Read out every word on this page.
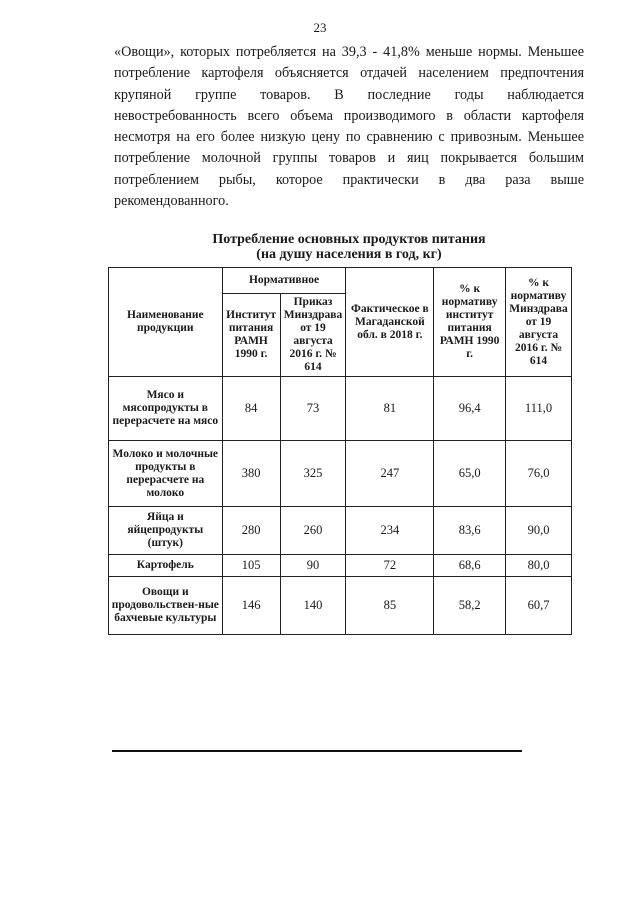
23
«Овощи», которых потребляется на 39,3 - 41,8% меньше нормы. Меньшее
потребление картофеля объясняется отдачей населением предпочтения
крупяной группе товаров. В последние годы наблюдается
невостребованность всего объема производимого в области картофеля
несмотря на его более низкую цену по сравнению с привозным. Меньшее
потребление молочной группы товаров и яиц покрывается большим
потреблением рыбы, которое практически в два раза выше
рекомендованного.
Потребление основных продуктов питания
(на душу населения в год, кг)
Наименование продукции	Нормативное		Фактическое в Магаданской обл. в 2018 г.	% к нормативу институт питания РАМН 1990 г.	% к нормативу Минздрава от 19 августа 2016 г. № 614
	Институт питания РАМН 1990 г.	Приказ Минздрава от 19 августа 2016 г. № 614			
Мясо и мясопродукты в перерасчете на мясо	84	73	81	96,4	111,0
Молоко и молочные продукты в перерасчете на молоко	380	325	247	65,0	76,0
Яйца и яйцепродукты (штук)	280	260	234	83,6	90,0
Картофель	105	90	72	68,6	80,0
Овощи и продовольствен-ные бахчевые культуры	146	140	85	58,2	60,7
